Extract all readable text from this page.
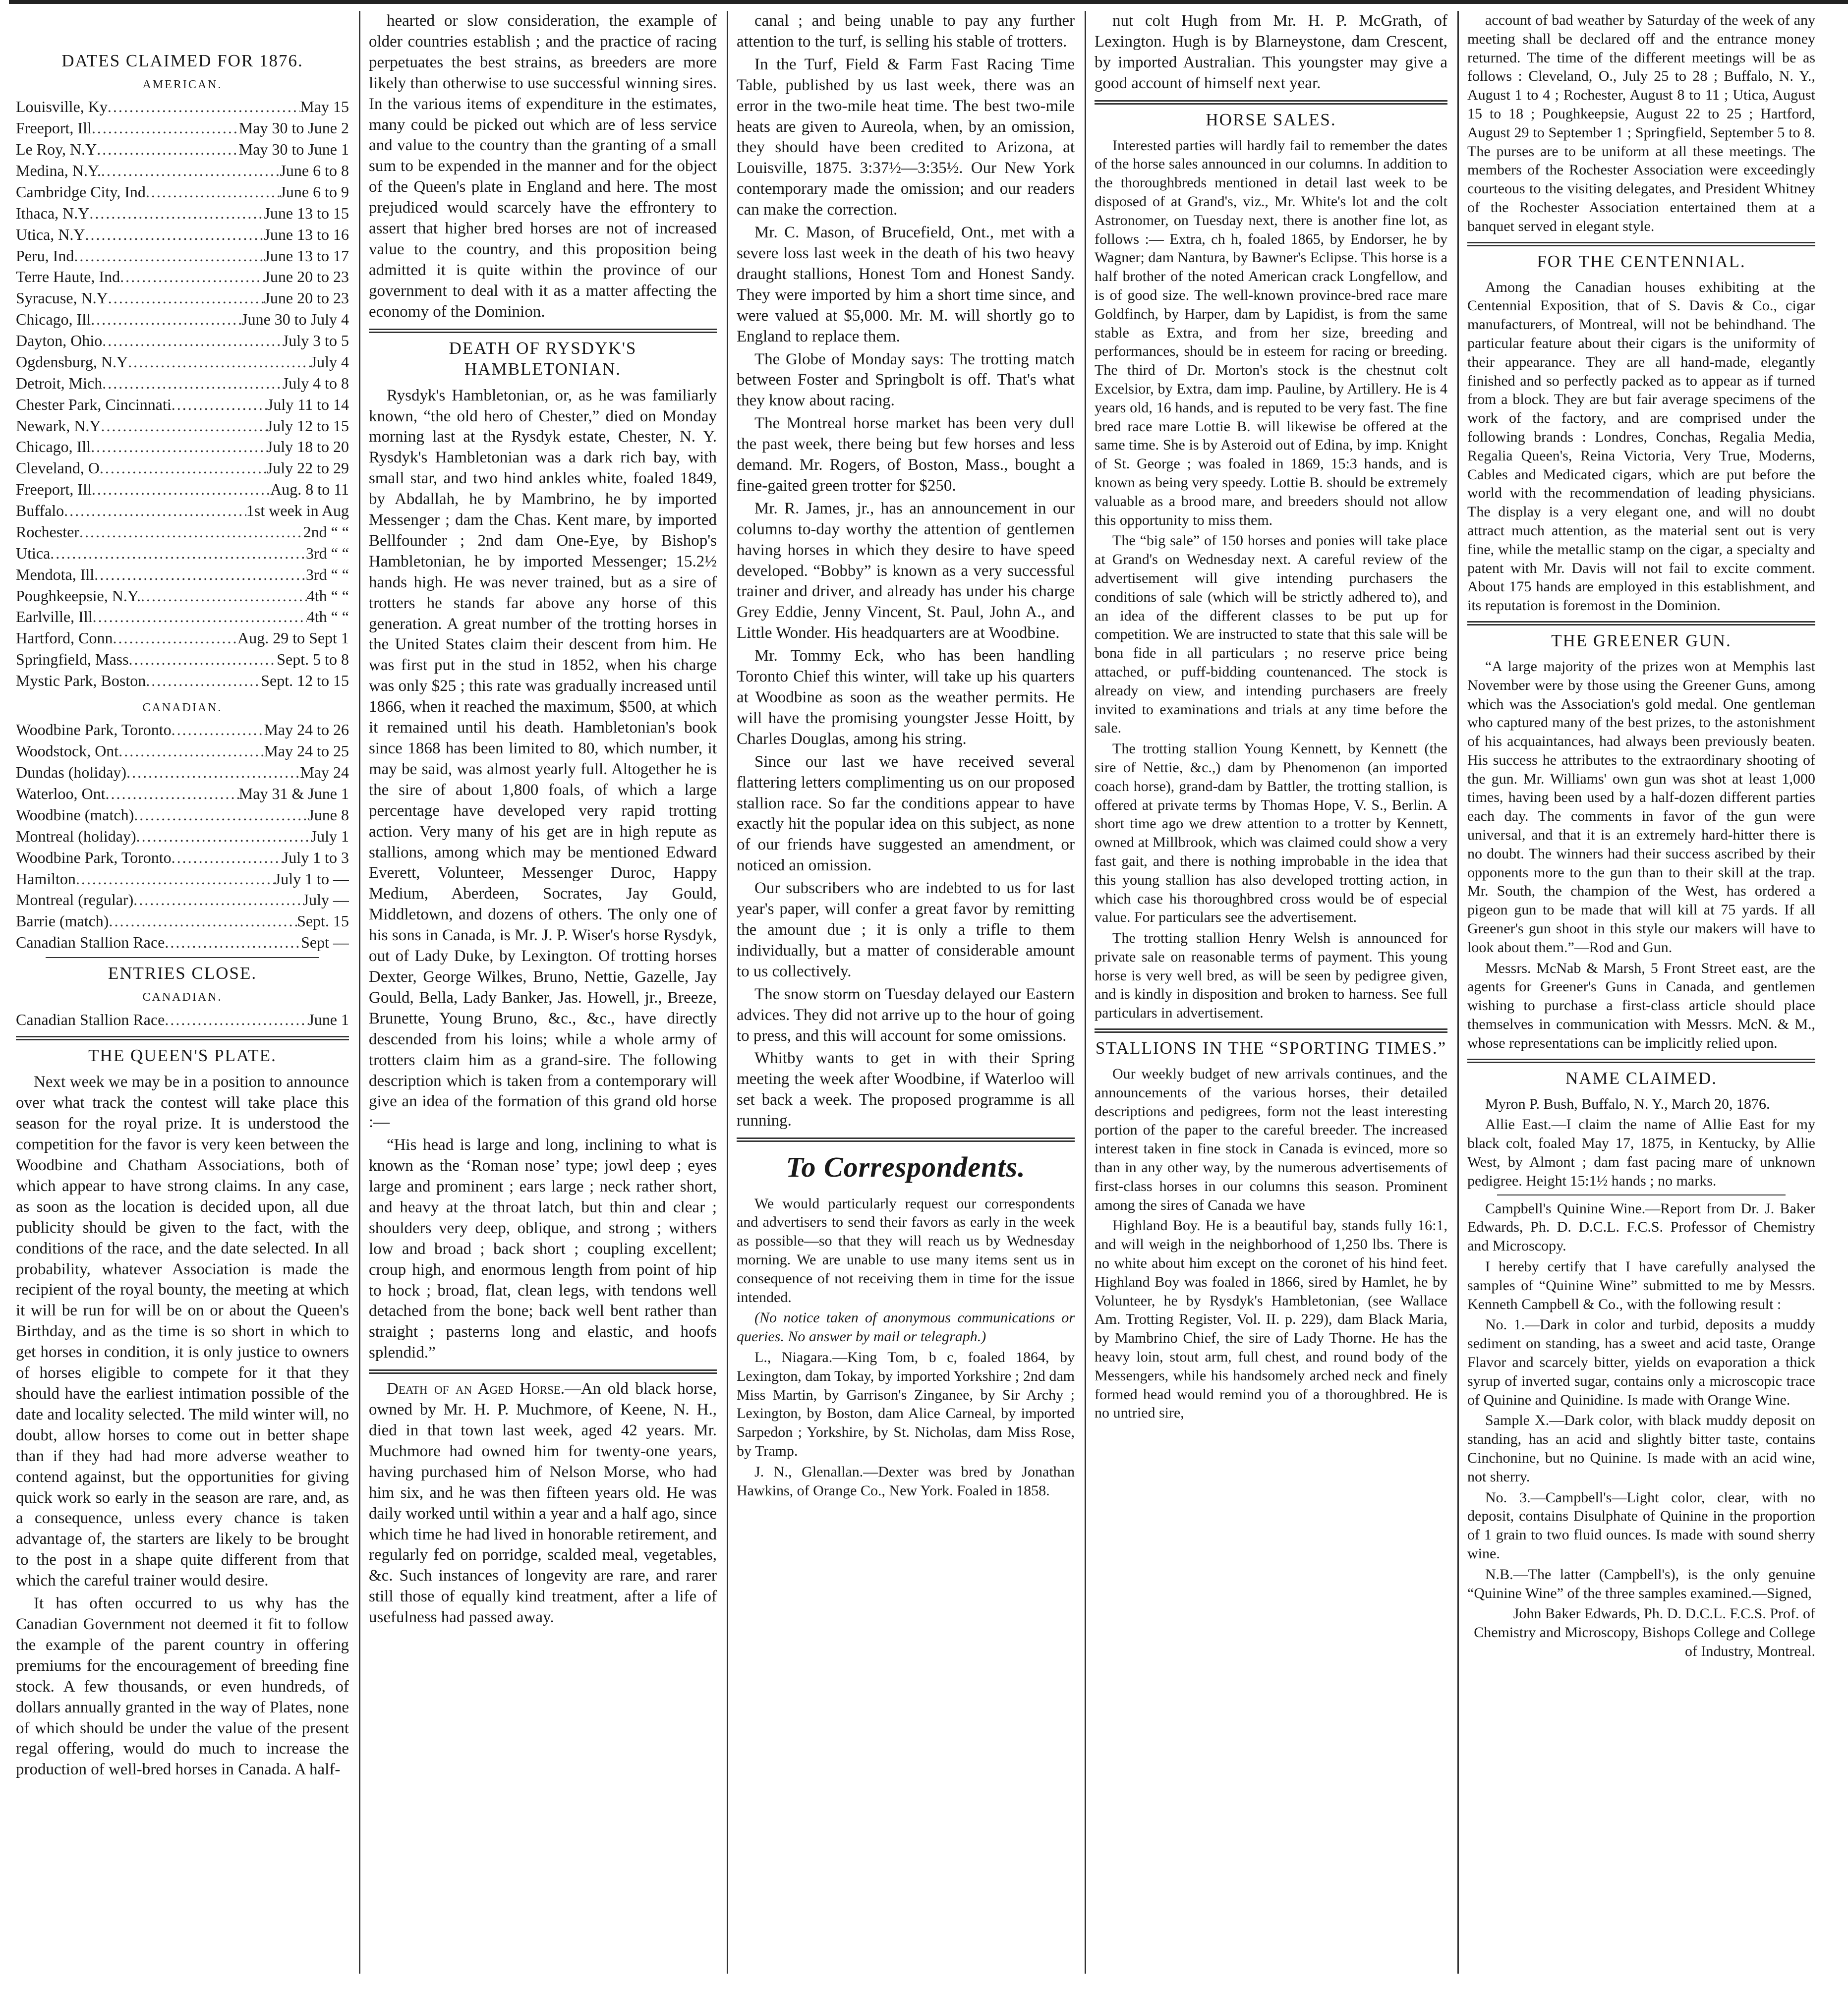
DATES CLAIMED FOR 1876.
AMERICAN.
Louisville, Ky .....	May 15
Freeport, Ill .....	May 30 to June 2
Le Roy, N.Y .....	May 30 to June 1
Medina, N.Y. .....	June 6 to 8
Cambridge City, Ind .....	June 6 to 9
Ithaca, N.Y .....	June 13 to 15
Utica, N.Y .....	June 13 to 16
Peru, Ind .....	June 13 to 17
Terre Haute, Ind .....	June 20 to 23
Syracuse, N.Y .....	June 20 to 23
Chicago, Ill .....	June 30 to July 4
Dayton, Ohio .....	July 3 to 5
Ogdensburg, N.Y .....	July 4
Detroit, Mich .....	July 4 to 8
Chester Park, Cincinnati .....	July 11 to 14
Newark, N.Y .....	July 12 to 15
Chicago, Ill .....	July 18 to 20
Cleveland, O .....	July 22 to 29
Freeport, Ill .....	Aug. 8 to 11
Buffalo .....	1st week in Aug
Rochester .....	2nd “ “
Utica .....	3rd “ “
Mendota, Ill .....	3rd “ “
Poughkeepsie, N.Y. .....	4th “ “
Earlville, Ill .....	4th “ “
Hartford, Conn .....	Aug. 29 to Sept 1
Springfield, Mass .....	Sept. 5 to 8
Mystic Park, Boston .....	Sept. 12 to 15
CANADIAN.
Woodbine Park, Toronto .....	May 24 to 26
Woodstock, Ont .....	May 24 to 25
Dundas (holiday) .....	May 24
Waterloo, Ont .....	May 31 & June 1
Woodbine (match) .....	June 8
Montreal (holiday) .....	July 1
Woodbine Park, Toronto .....	July 1 to 3
Hamilton .....	July 1 to —
Montreal (regular) .....	July —
Barrie (match) .....	Sept. 15
Canadian Stallion Race .....	Sept —
ENTRIES CLOSE.
CANADIAN.
Canadian Stallion Race .....	June 1
THE QUEEN'S PLATE.

Next week we may be in a position to announce over what track the contest will take place this season for the royal prize. It is understood the competition for the favor is very keen between the Woodbine and Chatham Associations, both of which appear to have strong claims. In any case, as soon as the location is decided upon, all due publicity should be given to the fact, with the conditions of the race, and the date selected. In all probability, whatever Association is made the recipient of the royal bounty, the meeting at which it will be run for will be on or about the Queen's Birthday, and as the time is so short in which to get horses in condition, it is only justice to owners of horses eligible to compete for it that they should have the earliest intimation possible of the date and locality selected. The mild winter will, no doubt, allow horses to come out in better shape than if they had had more adverse weather to contend against, but the opportunities for giving quick work so early in the season are rare, and, as a consequence, unless every chance is taken advantage of, the starters are likely to be brought to the post in a shape quite different from that which the careful trainer would desire.

It has often occurred to us why has the Canadian Government not deemed it fit to follow the example of the parent country in offering premiums for the encouragement of breeding fine stock. A few thousands, or even hundreds, of dollars annually granted in the way of Plates, none of which should be under the value of the present regal offering, would do much to increase the production of well-bred horses in Canada. A half-

hearted or slow consideration, the example of older countries establish ; and the practice of racing perpetuates the best strains, as breeders are more likely than otherwise to use successful winning sires. In the various items of expenditure in the estimates, many could be picked out which are of less service and value to the country than the granting of a small sum to be expended in the manner and for the object of the Queen's plate in England and here. The most prejudiced would scarcely have the effrontery to assert that higher bred horses are not of increased value to the country, and this proposition being admitted it is quite within the province of our government to deal with it as a matter affecting the economy of the Dominion.

DEATH OF RYSDYK'S HAMBLETONIAN.

Rysdyk's Hambletonian, or, as he was familiarly known, “the old hero of Chester,” died on Monday morning last at the Rysdyk estate, Chester, N. Y. Rysdyk's Hambletonian was a dark rich bay, with small star, and two hind ankles white, foaled 1849, by Abdallah, he by Mambrino, he by imported Messenger ; dam the Chas. Kent mare, by imported Bellfounder ; 2nd dam One-Eye, by Bishop's Hambletonian, he by imported Messenger; 15.2½ hands high. He was never trained, but as a sire of trotters he stands far above any horse of this generation. A great number of the trotting horses in the United States claim their descent from him. He was first put in the stud in 1852, when his charge was only $25 ; this rate was gradually increased until 1866, when it reached the maximum, $500, at which it remained until his death. Hambletonian's book since 1868 has been limited to 80, which number, it may be said, was almost yearly full. Altogether he is the sire of about 1,800 foals, of which a large percentage have developed very rapid trotting action. Very many of his get are in high repute as stallions, among which may be mentioned Edward Everett, Volunteer, Messenger Duroc, Happy Medium, Aberdeen, Socrates, Jay Gould, Middletown, and dozens of others. The only one of his sons in Canada, is Mr. J. P. Wiser's horse Rysdyk, out of Lady Duke, by Lexington. Of trotting horses Dexter, George Wilkes, Bruno, Nettie, Gazelle, Jay Gould, Bella, Lady Banker, Jas. Howell, jr., Breeze, Brunette, Young Bruno, &c., &c., have directly descended from his loins; while a whole army of trotters claim him as a grand-sire. The following description which is taken from a contemporary will give an idea of the formation of this grand old horse :—

“His head is large and long, inclining to what is known as the ‘Roman nose’ type; jowl deep ; eyes large and prominent ; ears large ; neck rather short, and heavy at the throat latch, but thin and clear ; shoulders very deep, oblique, and strong ; withers low and broad ; back short ; coupling excellent; croup high, and enormous length from point of hip to hock ; broad, flat, clean legs, with tendons well detached from the bone; back well bent rather than straight ; pasterns long and elastic, and hoofs splendid.”

Death of an Aged Horse.—An old black horse, owned by Mr. H. P. Muchmore, of Keene, N. H., died in that town last week, aged 42 years. Mr. Muchmore had owned him for twenty-one years, having purchased him of Nelson Morse, who had him six, and he was then fifteen years old. He was daily worked until within a year and a half ago, since which time he had lived in honorable retirement, and regularly fed on porridge, scalded meal, vegetables, &c. Such instances of longevity are rare, and rarer still those of equally kind treatment, after a life of usefulness had passed away.

canal ; and being unable to pay any further attention to the turf, is selling his stable of trotters.

In the Turf, Field & Farm Fast Racing Time Table, published by us last week, there was an error in the two-mile heat time. The best two-mile heats are given to Aureola, when, by an omission, they should have been credited to Arizona, at Louisville, 1875. 3:37½—3:35½. Our New York contemporary made the omission; and our readers can make the correction.

Mr. C. Mason, of Brucefield, Ont., met with a severe loss last week in the death of his two heavy draught stallions, Honest Tom and Honest Sandy. They were imported by him a short time since, and were valued at $5,000. Mr. M. will shortly go to England to replace them.

The Globe of Monday says: The trotting match between Foster and Springbolt is off. That's what they know about racing.

The Montreal horse market has been very dull the past week, there being but few horses and less demand. Mr. Rogers, of Boston, Mass., bought a fine-gaited green trotter for $250.

Mr. R. James, jr., has an announcement in our columns to-day worthy the attention of gentlemen having horses in which they desire to have speed developed. “Bobby” is known as a very successful trainer and driver, and already has under his charge Grey Eddie, Jenny Vincent, St. Paul, John A., and Little Wonder. His headquarters are at Woodbine.

Mr. Tommy Eck, who has been handling Toronto Chief this winter, will take up his quarters at Woodbine as soon as the weather permits. He will have the promising youngster Jesse Hoitt, by Charles Douglas, among his string.

Since our last we have received several flattering letters complimenting us on our proposed stallion race. So far the conditions appear to have exactly hit the popular idea on this subject, as none of our friends have suggested an amendment, or noticed an omission.

Our subscribers who are indebted to us for last year's paper, will confer a great favor by remitting the amount due ; it is only a trifle to them individually, but a matter of considerable amount to us collectively.

The snow storm on Tuesday delayed our Eastern advices. They did not arrive up to the hour of going to press, and this will account for some omissions.

Whitby wants to get in with their Spring meeting the week after Woodbine, if Waterloo will set back a week. The proposed programme is all running.

To Correspondents.

We would particularly request our correspondents and advertisers to send their favors as early in the week as possible—so that they will reach us by Wednesday morning. We are unable to use many items sent us in consequence of not receiving them in time for the issue intended.

(No notice taken of anonymous communications or queries. No answer by mail or telegraph.)

L., Niagara.—King Tom, b c, foaled 1864, by Lexington, dam Tokay, by imported Yorkshire ; 2nd dam Miss Martin, by Garrison's Zinganee, by Sir Archy ; Lexington, by Boston, dam Alice Carneal, by imported Sarpedon ; Yorkshire, by St. Nicholas, dam Miss Rose, by Tramp.

J. N., Glenallan.—Dexter was bred by Jonathan Hawkins, of Orange Co., New York. Foaled in 1858.

nut colt Hugh from Mr. H. P. McGrath, of Lexington. Hugh is by Blarneystone, dam Crescent, by imported Australian. This youngster may give a good account of himself next year.

HORSE SALES.

Interested parties will hardly fail to remember the dates of the horse sales announced in our columns. In addition to the thoroughbreds mentioned in detail last week to be disposed of at Grand's, viz., Mr. White's lot and the colt Astronomer, on Tuesday next, there is another fine lot, as follows :— Extra, ch h, foaled 1865, by Endorser, he by Wagner; dam Nantura, by Bawner's Eclipse. This horse is a half brother of the noted American crack Longfellow, and is of good size. The well-known province-bred race mare Goldfinch, by Harper, dam by Lapidist, is from the same stable as Extra, and from her size, breeding and performances, should be in esteem for racing or breeding. The third of Dr. Morton's stock is the chestnut colt Excelsior, by Extra, dam imp. Pauline, by Artillery. He is 4 years old, 16 hands, and is reputed to be very fast. The fine bred race mare Lottie B. will likewise be offered at the same time. She is by Asteroid out of Edina, by imp. Knight of St. George ; was foaled in 1869, 15:3 hands, and is known as being very speedy. Lottie B. should be extremely valuable as a brood mare, and breeders should not allow this opportunity to miss them.

The “big sale” of 150 horses and ponies will take place at Grand's on Wednesday next. A careful review of the advertisement will give intending purchasers the conditions of sale (which will be strictly adhered to), and an idea of the different classes to be put up for competition. We are instructed to state that this sale will be bona fide in all particulars ; no reserve price being attached, or puff-bidding countenanced. The stock is already on view, and intending purchasers are freely invited to examinations and trials at any time before the sale.

The trotting stallion Young Kennett, by Kennett (the sire of Nettie, &c.,) dam by Phenomenon (an imported coach horse), grand-dam by Battler, the trotting stallion, is offered at private terms by Thomas Hope, V. S., Berlin. A short time ago we drew attention to a trotter by Kennett, owned at Millbrook, which was claimed could show a very fast gait, and there is nothing improbable in the idea that this young stallion has also developed trotting action, in which case his thoroughbred cross would be of especial value. For particulars see the advertisement.

The trotting stallion Henry Welsh is announced for private sale on reasonable terms of payment. This young horse is very well bred, as will be seen by pedigree given, and is kindly in disposition and broken to harness. See full particulars in advertisement.

STALLIONS IN THE “SPORTING TIMES.”

Our weekly budget of new arrivals continues, and the announcements of the various horses, their detailed descriptions and pedigrees, form not the least interesting portion of the paper to the careful breeder. The increased interest taken in fine stock in Canada is evinced, more so than in any other way, by the numerous advertisements of first-class horses in our columns this season. Prominent among the sires of Canada we have

Highland Boy. He is a beautiful bay, stands fully 16:1, and will weigh in the neighborhood of 1,250 lbs. There is no white about him except on the coronet of his hind feet. Highland Boy was foaled in 1866, sired by Hamlet, he by Volunteer, he by Rysdyk's Hambletonian, (see Wallace Am. Trotting Register, Vol. II. p. 229), dam Black Maria, by Mambrino Chief, the sire of Lady Thorne. He has the heavy loin, stout arm, full chest, and round body of the Messengers, while his handsomely arched neck and finely formed head would remind you of a thoroughbred. He is no untried sire,

account of bad weather by Saturday of the week of any meeting shall be declared off and the entrance money returned. The time of the different meetings will be as follows : Cleveland, O., July 25 to 28 ; Buffalo, N. Y., August 1 to 4 ; Rochester, August 8 to 11 ; Utica, August 15 to 18 ; Poughkeepsie, August 22 to 25 ; Hartford, August 29 to September 1 ; Springfield, September 5 to 8. The purses are to be uniform at all these meetings. The members of the Rochester Association were exceedingly courteous to the visiting delegates, and President Whitney of the Rochester Association entertained them at a banquet served in elegant style.

FOR THE CENTENNIAL.

Among the Canadian houses exhibiting at the Centennial Exposition, that of S. Davis & Co., cigar manufacturers, of Montreal, will not be behindhand. The particular feature about their cigars is the uniformity of their appearance. They are all hand-made, elegantly finished and so perfectly packed as to appear as if turned from a block. They are but fair average specimens of the work of the factory, and are comprised under the following brands : Londres, Conchas, Regalia Media, Regalia Queen's, Reina Victoria, Very True, Moderns, Cables and Medicated cigars, which are put before the world with the recommendation of leading physicians. The display is a very elegant one, and will no doubt attract much attention, as the material sent out is very fine, while the metallic stamp on the cigar, a specialty and patent with Mr. Davis will not fail to excite comment. About 175 hands are employed in this establishment, and its reputation is foremost in the Dominion.

THE GREENER GUN.

“A large majority of the prizes won at Memphis last November were by those using the Greener Guns, among which was the Association's gold medal. One gentleman who captured many of the best prizes, to the astonishment of his acquaintances, had always been previously beaten. His success he attributes to the extraordinary shooting of the gun. Mr. Williams' own gun was shot at least 1,000 times, having been used by a half-dozen different parties each day. The comments in favor of the gun were universal, and that it is an extremely hard-hitter there is no doubt. The winners had their success ascribed by their opponents more to the gun than to their skill at the trap. Mr. South, the champion of the West, has ordered a pigeon gun to be made that will kill at 75 yards. If all Greener's gun shoot in this style our makers will have to look about them.”—Rod and Gun.

Messrs. McNab & Marsh, 5 Front Street east, are the agents for Greener's Guns in Canada, and gentlemen wishing to purchase a first-class article should place themselves in communication with Messrs. McN. & M., whose representations can be implicitly relied upon.

NAME CLAIMED.

Myron P. Bush, Buffalo, N. Y., March 20, 1876.

Allie East.—I claim the name of Allie East for my black colt, foaled May 17, 1875, in Kentucky, by Allie West, by Almont ; dam fast pacing mare of unknown pedigree. Height 15:1½ hands ; no marks.

Campbell's Quinine Wine.—Report from Dr. J. Baker Edwards, Ph. D. D.C.L. F.C.S. Professor of Chemistry and Microscopy.

I hereby certify that I have carefully analysed the samples of “Quinine Wine” submitted to me by Messrs. Kenneth Campbell & Co., with the following result :

No. 1.—Dark in color and turbid, deposits a muddy sediment on standing, has a sweet and acid taste, Orange Flavor and scarcely bitter, yields on evaporation a thick syrup of inverted sugar, contains only a microscopic trace of Quinine and Quinidine. Is made with Orange Wine.

Sample X.—Dark color, with black muddy deposit on standing, has an acid and slightly bitter taste, contains Cinchonine, but no Quinine. Is made with an acid wine, not sherry.

No. 3.—Campbell's—Light color, clear, with no deposit, contains Disulphate of Quinine in the proportion of 1 grain to two fluid ounces. Is made with sound sherry wine.

N.B.—The latter (Campbell's), is the only genuine “Quinine Wine” of the three samples examined.—Signed,

John Baker Edwards, Ph. D. D.C.L. F.C.S. Prof. of Chemistry and Microscopy, Bishops College and College of Industry, Montreal.
